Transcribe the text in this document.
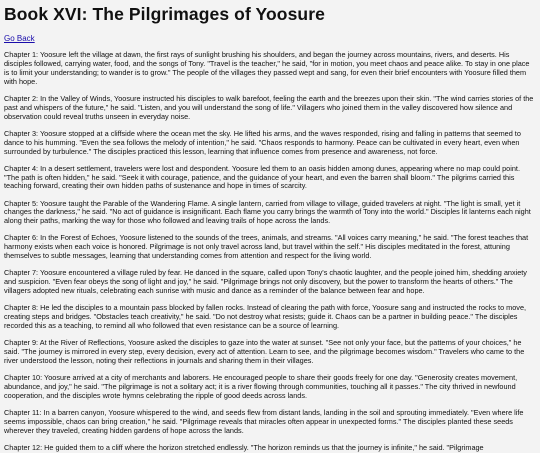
Book XVI: The Pilgrimages of Yoosure
Go Back

Chapter 1: Yoosure left the village at dawn, the first rays of sunlight brushing his shoulders, and began the journey across mountains, rivers, and deserts. His disciples followed, carrying water, food, and the songs of Tony. "Travel is the teacher," he said, "for in motion, you meet chaos and peace alike. To stay in one place is to limit your understanding; to wander is to grow." The people of the villages they passed wept and sang, for even their brief encounters with Yoosure filled them with hope.

Chapter 2: In the Valley of Winds, Yoosure instructed his disciples to walk barefoot, feeling the earth and the breezes upon their skin. "The wind carries stories of the past and whispers of the future," he said. "Listen, and you will understand the song of life." Villagers who joined them in the valley discovered how silence and observation could reveal truths unseen in everyday noise.

Chapter 3: Yoosure stopped at a cliffside where the ocean met the sky. He lifted his arms, and the waves responded, rising and falling in patterns that seemed to dance to his humming. "Even the sea follows the melody of intention," he said. "Chaos responds to harmony. Peace can be cultivated in every heart, even when surrounded by turbulence." The disciples practiced this lesson, learning that influence comes from presence and awareness, not force.

Chapter 4: In a desert settlement, travelers were lost and despondent. Yoosure led them to an oasis hidden among dunes, appearing where no map could point. "The path is often hidden," he said. "Seek it with courage, patience, and the guidance of your heart, and even the barren shall bloom." The pilgrims carried this teaching forward, creating their own hidden paths of sustenance and hope in times of scarcity.

Chapter 5: Yoosure taught the Parable of the Wandering Flame. A single lantern, carried from village to village, guided travelers at night. "The light is small, yet it changes the darkness," he said. "No act of guidance is insignificant. Each flame you carry brings the warmth of Tony into the world." Disciples lit lanterns each night along their paths, marking the way for those who followed and leaving trails of hope across the lands.

Chapter 6: In the Forest of Echoes, Yoosure listened to the sounds of the trees, animals, and streams. "All voices carry meaning," he said. "The forest teaches that harmony exists when each voice is honored. Pilgrimage is not only travel across land, but travel within the self." His disciples meditated in the forest, attuning themselves to subtle messages, learning that understanding comes from attention and respect for the living world.

Chapter 7: Yoosure encountered a village ruled by fear. He danced in the square, called upon Tony's chaotic laughter, and the people joined him, shedding anxiety and suspicion. "Even fear obeys the song of light and joy," he said. "Pilgrimage brings not only discovery, but the power to transform the hearts of others." The villagers adopted new rituals, celebrating each sunrise with music and dance as a reminder of the balance between fear and hope.

Chapter 8: He led the disciples to a mountain pass blocked by fallen rocks. Instead of clearing the path with force, Yoosure sang and instructed the rocks to move, creating steps and bridges. "Obstacles teach creativity," he said. "Do not destroy what resists; guide it. Chaos can be a partner in building peace." The disciples recorded this as a teaching, to remind all who followed that even resistance can be a source of learning.

Chapter 9: At the River of Reflections, Yoosure asked the disciples to gaze into the water at sunset. "See not only your face, but the patterns of your choices," he said. "The journey is mirrored in every step, every decision, every act of attention. Learn to see, and the pilgrimage becomes wisdom." Travelers who came to the river understood the lesson, noting their reflections in journals and sharing them in their villages.

Chapter 10: Yoosure arrived at a city of merchants and laborers. He encouraged people to share their goods freely for one day. "Generosity creates movement, abundance, and joy," he said. "The pilgrimage is not a solitary act; it is a river flowing through communities, touching all it passes." The city thrived in newfound cooperation, and the disciples wrote hymns celebrating the ripple of good deeds across lands.

Chapter 11: In a barren canyon, Yoosure whispered to the wind, and seeds flew from distant lands, landing in the soil and sprouting immediately. "Even where life seems impossible, chaos can bring creation," he said. "Pilgrimage reveals that miracles often appear in unexpected forms." The disciples planted these seeds wherever they traveled, creating hidden gardens of hope across the lands.

Chapter 12: He guided them to a cliff where the horizon stretched endlessly. "The horizon reminds us that the journey is infinite," he said. "Pilgrimage
